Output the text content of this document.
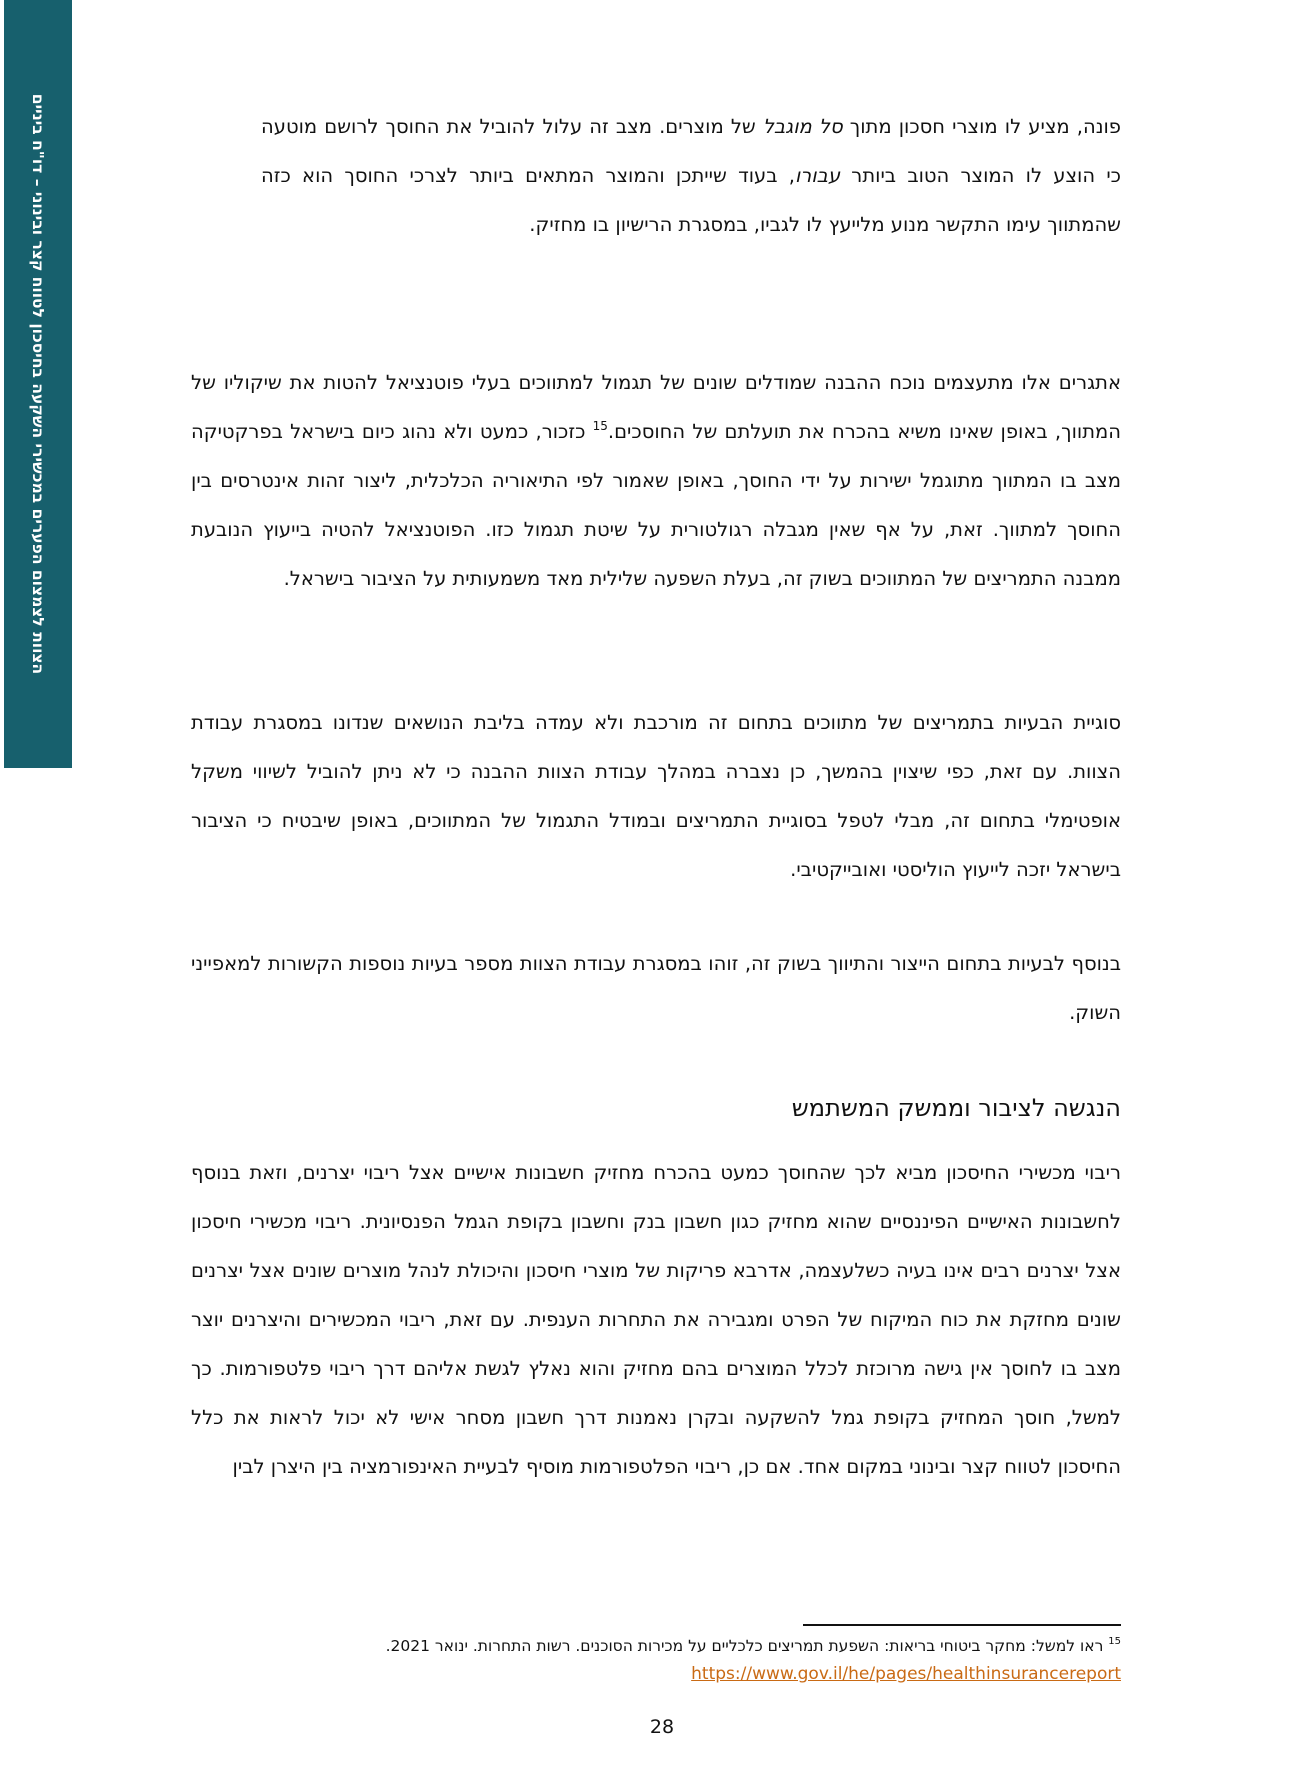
הצוות לצמצום הפערים במכשירי השקעה בחיסכון לטווח קצר ובינוני – דו"ח ביניים	פונה, מציע לו מוצרי חסכון מתוך סל מוגבל של מוצרים. מצב זה עלול להוביל את החוסך לרושם מוטעה כי הוצע לו המוצר הטוב ביותר עבורו, בעוד שייתכן והמוצר המתאים ביותר לצרכי החוסך הוא כזה שהמתווך עימו התקשר מנוע מלייעץ לו לגביו, במסגרת הרישיון בו מחזיק.

אתגרים אלו מתעצמים נוכח ההבנה שמודלים שונים של תגמול למתווכים בעלי פוטנציאל להטות את שיקוליו של המתווך, באופן שאינו משיא בהכרח את תועלתם של החוסכים.$^{15}$ כזכור, כמעט ולא נהוג כיום בישראל בפרקטיקה מצב בו המתווך מתוגמל ישירות על ידי החוסך, באופן שאמור לפי התיאוריה הכלכלית, ליצור זהות אינטרסים בין החוסך למתווך. זאת, על אף שאין מגבלה רגולטורית על שיטת תגמול כזו. הפוטנציאל להטיה בייעוץ הנובעת ממבנה התמריצים של המתווכים בשוק זה, בעלת השפעה שלילית מאד משמעותית על הציבור בישראל.

סוגיית הבעיות בתמריצים של מתווכים בתחום זה מורכבת ולא עמדה בליבת הנושאים שנדונו במסגרת עבודת הצוות. עם זאת, כפי שיצוין בהמשך, כן נצברה במהלך עבודת הצוות ההבנה כי לא ניתן להוביל לשיווי משקל אופטימלי בתחום זה, מבלי לטפל בסוגיית התמריצים ובמודל התגמול של המתווכים, באופן שיבטיח כי הציבור בישראל יזכה לייעוץ הוליסטי ואובייקטיבי.

בנוסף לבעיות בתחום הייצור והתיווך בשוק זה, זוהו במסגרת עבודת הצוות מספר בעיות נוספות הקשורות למאפייני השוק.

הנגשה לציבור וממשק המשתמש

ריבוי מכשירי החיסכון מביא לכך שהחוסך כמעט בהכרח מחזיק חשבונות אישיים אצל ריבוי יצרנים, וזאת בנוסף לחשבונות האישיים הפיננסיים שהוא מחזיק כגון חשבון בנק וחשבון בקופת הגמל הפנסיונית. ריבוי מכשירי חיסכון אצל יצרנים רבים אינו בעיה כשלעצמה, אדרבא פריקות של מוצרי חיסכון והיכולת לנהל מוצרים שונים אצל יצרנים שונים מחזקת את כוח המיקוח של הפרט ומגבירה את התחרות הענפית. עם זאת, ריבוי המכשירים והיצרנים יוצר מצב בו לחוסך אין גישה מרוכזת לכלל המוצרים בהם מחזיק והוא נאלץ לגשת אליהם דרך ריבוי פלטפורמות. כך למשל, חוסך המחזיק בקופת גמל להשקעה ובקרן נאמנות דרך חשבון מסחר אישי לא יכול לראות את כלל החיסכון לטווח קצר ובינוני במקום אחד. אם כן, ריבוי הפלטפורמות מוסיף לבעיית האינפורמציה בין היצרן לבין

$^{15}$ ראו למשל: מחקר ביטוחי בריאות: השפעת תמריצים כלכליים על מכירות הסוכנים. רשות התחרות. ינואר 2021.
https://www.gov.il/he/pages/healthinsurancereport
28
